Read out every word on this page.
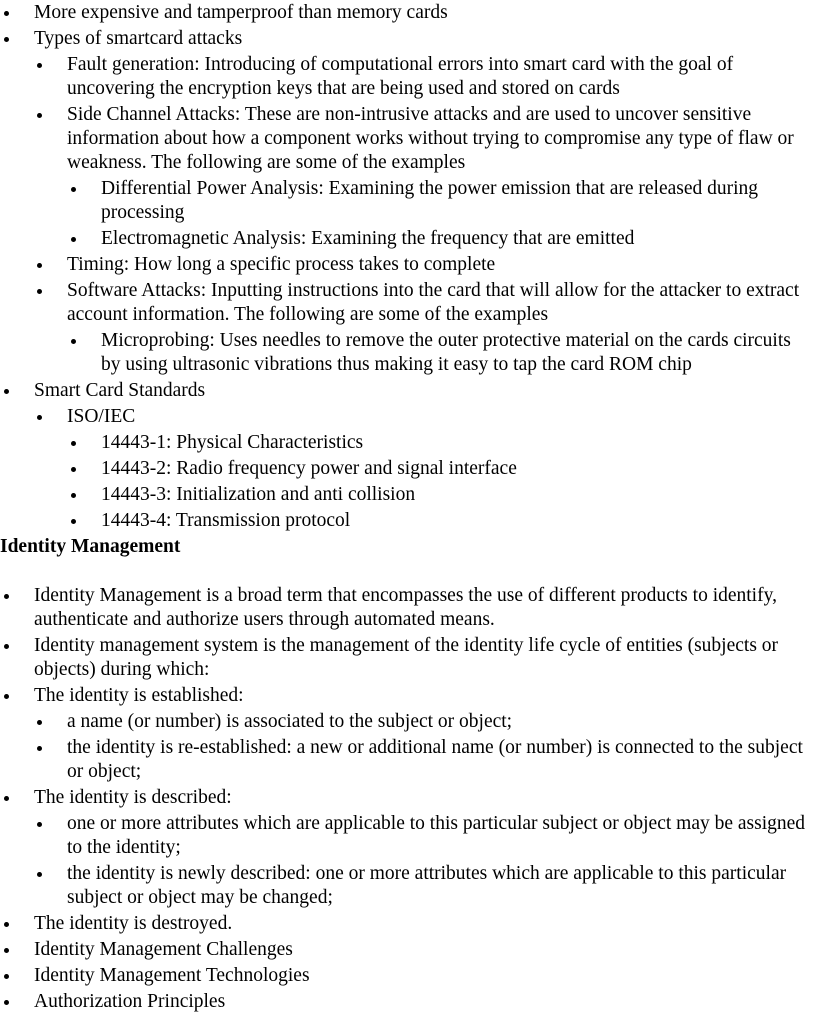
More expensive and tamperproof than memory cards
Types of smartcard attacks
Fault generation: Introducing of computational errors into smart card with the goal of uncovering the encryption keys that are being used and stored on cards
Side Channel Attacks: These are non-intrusive attacks and are used to uncover sensitive information about how a component works without trying to compromise any type of flaw or weakness. The following are some of the examples
Differential Power Analysis: Examining the power emission that are released during processing
Electromagnetic Analysis: Examining the frequency that are emitted
Timing: How long a specific process takes to complete
Software Attacks: Inputting instructions into the card that will allow for the attacker to extract account information. The following are some of the examples
Microprobing: Uses needles to remove the outer protective material on the cards circuits by using ultrasonic vibrations thus making it easy to tap the card ROM chip
Smart Card Standards
ISO/IEC
14443-1: Physical Characteristics
14443-2: Radio frequency power and signal interface
14443-3: Initialization and anti collision
14443-4: Transmission protocol
Identity Management
Identity Management is a broad term that encompasses the use of different products to identify, authenticate and authorize users through automated means.
Identity management system is the management of the identity life cycle of entities (subjects or objects) during which:
The identity is established:
a name (or number) is associated to the subject or object;
the identity is re-established: a new or additional name (or number) is connected to the subject or object;
The identity is described:
one or more attributes which are applicable to this particular subject or object may be assigned to the identity;
the identity is newly described: one or more attributes which are applicable to this particular subject or object may be changed;
The identity is destroyed.
Identity Management Challenges
Identity Management Technologies
Authorization Principles
